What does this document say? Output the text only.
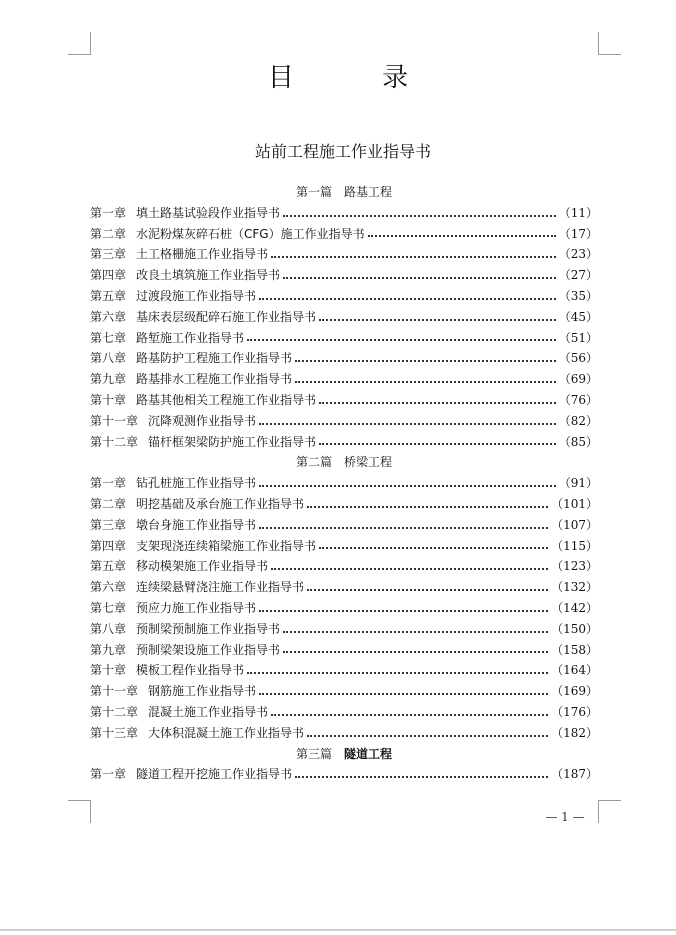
目 录
站前工程施工作业指导书
第一篇 路基工程
第一章 填土路基试验段作业指导书	（11）
第二章 水泥粉煤灰碎石桩（CFG）施工作业指导书	（17）
第三章 土工格栅施工作业指导书	（23）
第四章 改良土填筑施工作业指导书	（27）
第五章 过渡段施工作业指导书	（35）
第六章 基床表层级配碎石施工作业指导书	（45）
第七章 路堑施工作业指导书	（51）
第八章 路基防护工程施工作业指导书	（56）
第九章 路基排水工程施工作业指导书	（69）
第十章 路基其他相关工程施工作业指导书	（76）
第十一章 沉降观测作业指导书	（82）
第十二章 锚杆框架梁防护施工作业指导书	（85）
第二篇 桥梁工程
第一章 钻孔桩施工作业指导书	（91）
第二章 明挖基础及承台施工作业指导书	（101）
第三章 墩台身施工作业指导书	（107）
第四章 支架现浇连续箱梁施工作业指导书	（115）
第五章 移动模架施工作业指导书	（123）
第六章 连续梁悬臂浇注施工作业指导书	（132）
第七章 预应力施工作业指导书	（142）
第八章 预制梁预制施工作业指导书	（150）
第九章 预制梁架设施工作业指导书	（158）
第十章 模板工程作业指导书	（164）
第十一章 钢筋施工作业指导书	（169）
第十二章 混凝土施工作业指导书	（176）
第十三章 大体积混凝土施工作业指导书	（182）
第三篇 隧道工程
第一章 隧道工程开挖施工作业指导书	（187）
— 1 —
